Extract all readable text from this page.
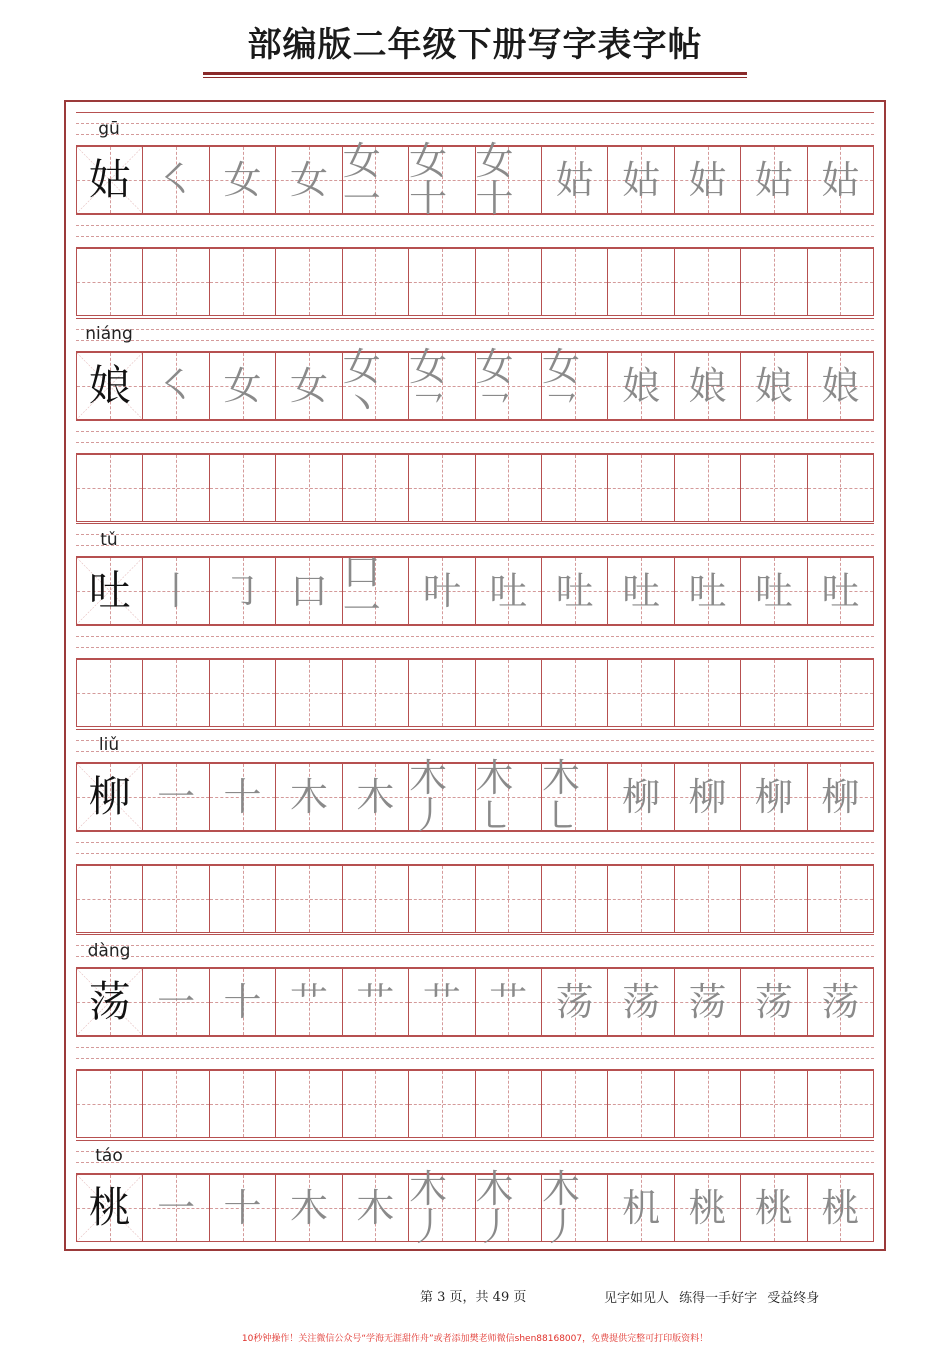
部编版二年级下册写字表字帖
gū
姑 ㇛ 女 女 女一
女十
女十	姑 姑 姑 姑 姑
niáng
娘 ㇛ 女 女 女丶
女㇖
女㇖
女㇖	娘 娘 娘 娘
tǔ
吐 丨 ㇆ 口 口一	叶 吐 吐 吐 吐 吐 吐
liǔ
柳 一 十 木 木 木丿
木㇄
木㇄	柳 柳 柳 柳
dàng
荡 一 十 艹 艹 艹 艹 荡 荡 荡 荡 荡
táo
桃 一 十 木 木 木丿
木丿
木丿	机 桃 桃 桃
第 3 页，共 49 页	见字如见人 练得一手好字 受益终身
10秒钟操作！关注微信公众号“学海无涯甜作舟”或者添加樊老师微信shen88168007，免费提供完整可打印版资料！
